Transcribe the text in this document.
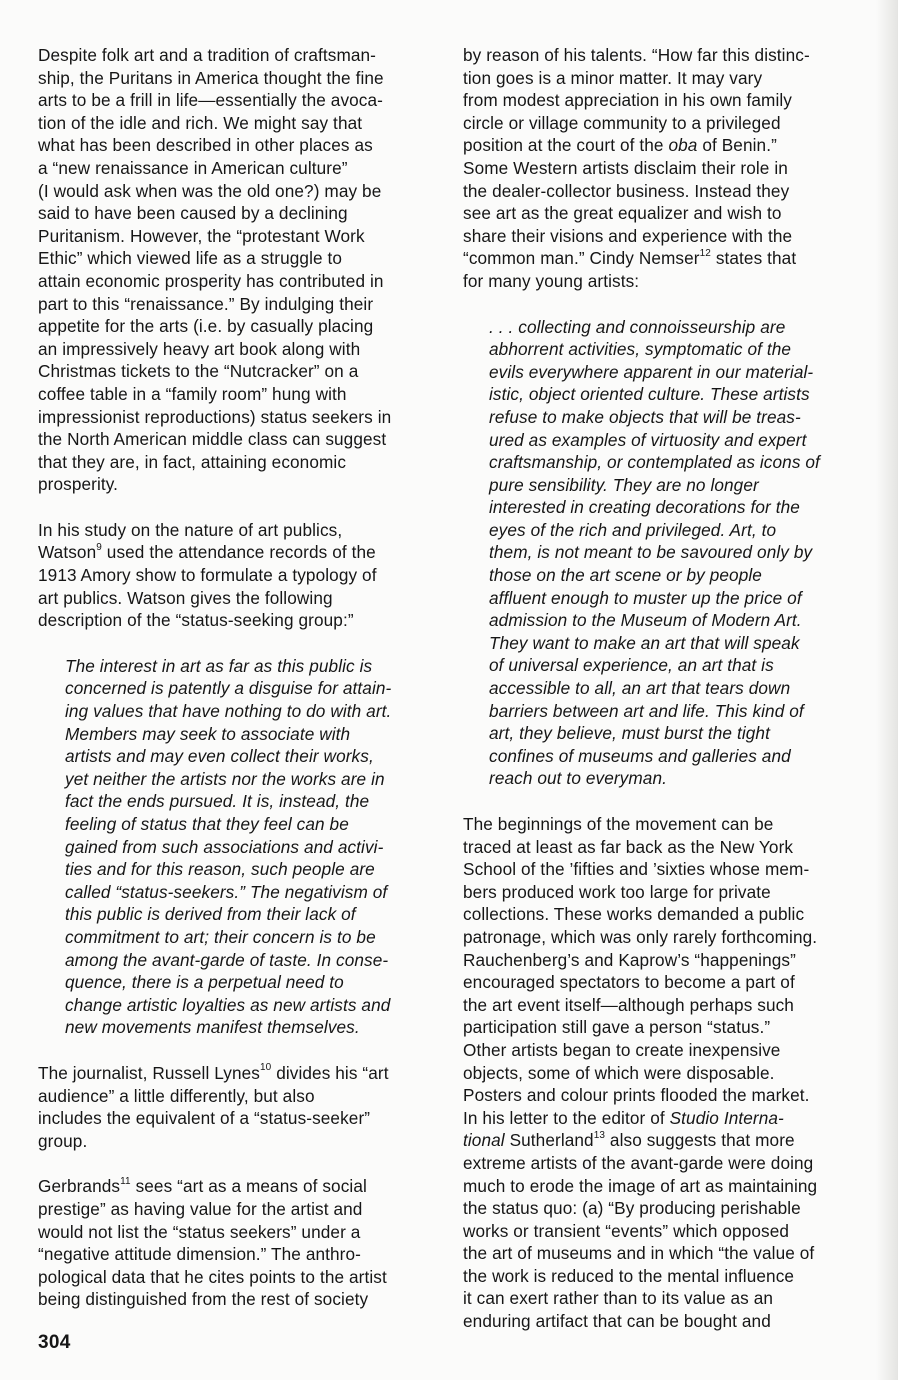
Despite folk art and a tradition of craftsman-
ship, the Puritans in America thought the fine
arts to be a frill in life—essentially the avoca-
tion of the idle and rich. We might say that
what has been described in other places as
a “new renaissance in American culture”
(I would ask when was the old one?) may be
said to have been caused by a declining
Puritanism. However, the “protestant Work
Ethic” which viewed life as a struggle to
attain economic prosperity has contributed in
part to this “renaissance.” By indulging their
appetite for the arts (i.e. by casually placing
an impressively heavy art book along with
Christmas tickets to the “Nutcracker” on a
coffee table in a “family room” hung with
impressionist reproductions) status seekers in
the North American middle class can suggest
that they are, in fact, attaining economic
prosperity.

In his study on the nature of art publics,
Watson$^9$ used the attendance records of the
1913 Amory show to formulate a typology of
art publics. Watson gives the following
description of the “status-seeking group:”

The interest in art as far as this public is
concerned is patently a disguise for attain-
ing values that have nothing to do with art.
Members may seek to associate with
artists and may even collect their works,
yet neither the artists nor the works are in
fact the ends pursued. It is, instead, the
feeling of status that they feel can be
gained from such associations and activi-
ties and for this reason, such people are
called “status-seekers.” The negativism of
this public is derived from their lack of
commitment to art; their concern is to be
among the avant-garde of taste. In conse-
quence, there is a perpetual need to
change artistic loyalties as new artists and
new movements manifest themselves.

The journalist, Russell Lynes$^{10}$ divides his “art
audience” a little differently, but also
includes the equivalent of a “status-seeker”
group.

Gerbrands$^{11}$ sees “art as a means of social
prestige” as having value for the artist and
would not list the “status seekers” under a
“negative attitude dimension.” The anthro-
pological data that he cites points to the artist
being distinguished from the rest of society

by reason of his talents. “How far this distinc-
tion goes is a minor matter. It may vary
from modest appreciation in his own family
circle or village community to a privileged
position at the court of the oba of Benin.”
Some Western artists disclaim their role in
the dealer-collector business. Instead they
see art as the great equalizer and wish to
share their visions and experience with the
“common man.” Cindy Nemser$^{12}$ states that
for many young artists:

. . . collecting and connoisseurship are
abhorrent activities, symptomatic of the
evils everywhere apparent in our material-
istic, object oriented culture. These artists
refuse to make objects that will be treas-
ured as examples of virtuosity and expert
craftsmanship, or contemplated as icons of
pure sensibility. They are no longer
interested in creating decorations for the
eyes of the rich and privileged. Art, to
them, is not meant to be savoured only by
those on the art scene or by people
affluent enough to muster up the price of
admission to the Museum of Modern Art.
They want to make an art that will speak
of universal experience, an art that is
accessible to all, an art that tears down
barriers between art and life. This kind of
art, they believe, must burst the tight
confines of museums and galleries and
reach out to everyman.

The beginnings of the movement can be
traced at least as far back as the New York
School of the ’fifties and ’sixties whose mem-
bers produced work too large for private
collections. These works demanded a public
patronage, which was only rarely forthcoming.
Rauchenberg’s and Kaprow’s “happenings”
encouraged spectators to become a part of
the art event itself—although perhaps such
participation still gave a person “status.”
Other artists began to create inexpensive
objects, some of which were disposable.
Posters and colour prints flooded the market.
In his letter to the editor of Studio Interna-
tional Sutherland$^{13}$ also suggests that more
extreme artists of the avant-garde were doing
much to erode the image of art as maintaining
the status quo: (a) “By producing perishable
works or transient “events” which opposed
the art of museums and in which “the value of
the work is reduced to the mental influence
it can exert rather than to its value as an
enduring artifact that can be bought and

304
